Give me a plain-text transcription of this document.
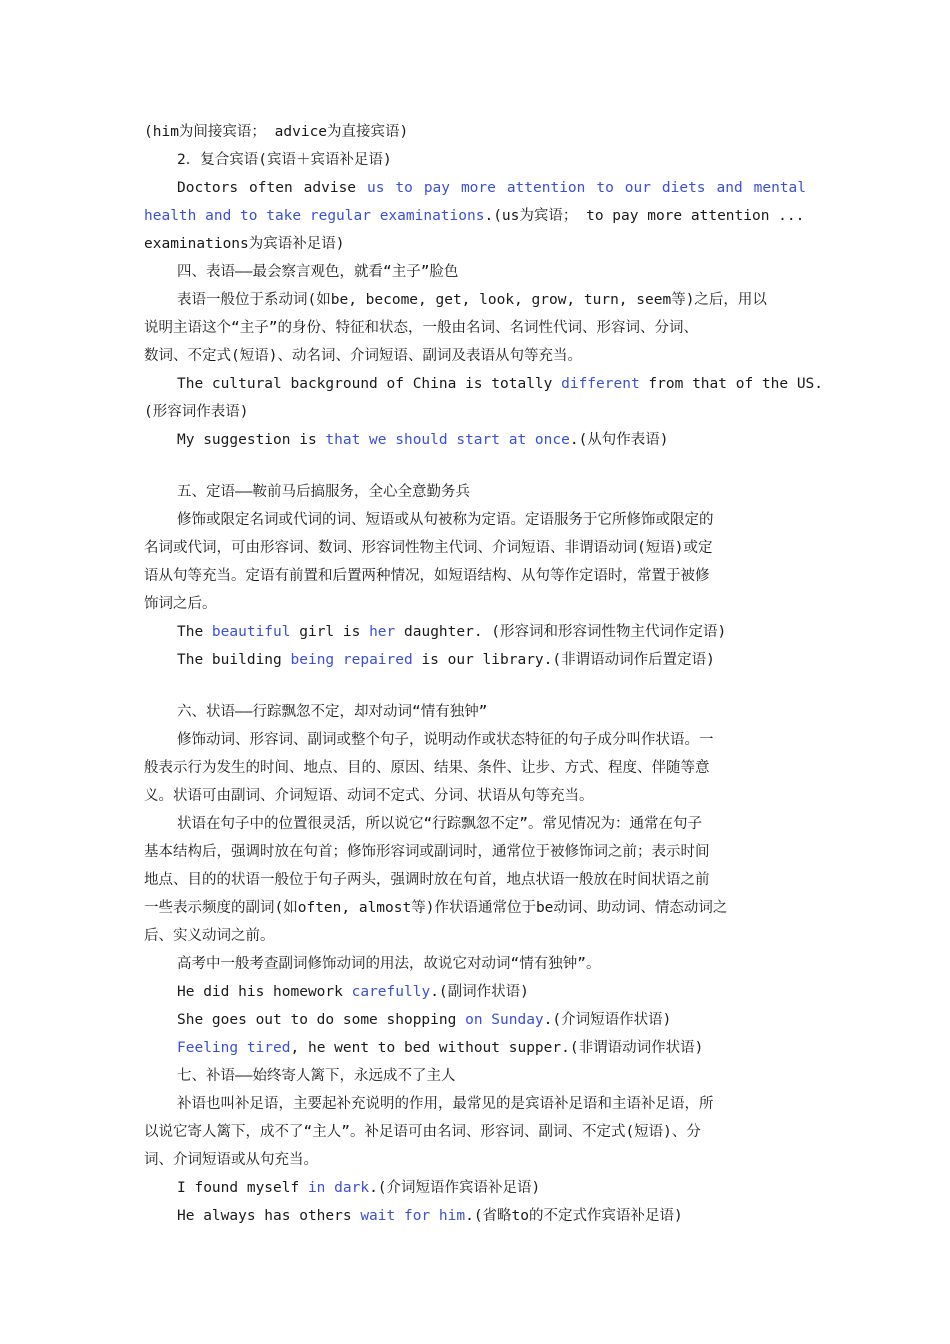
(him为间接宾语； advice为直接宾语)
2．复合宾语(宾语＋宾语补足语)
Doctors often advise us to pay more attention to our diets and mental
health and to take regular examinations.(us为宾语； to pay more attention ...
examinations为宾语补足语)
四、表语——最会察言观色，就看“主子”脸色
表语一般位于系动词(如be, become, get, look, grow, turn, seem等)之后，用以
说明主语这个“主子”的身份、特征和状态，一般由名词、名词性代词、形容词、分词、
数词、不定式(短语)、动名词、介词短语、副词及表语从句等充当。
The cultural background of China is totally different from that of the US.
(形容词作表语)
My suggestion is that we should start at once.(从句作表语)
五、定语——鞍前马后搞服务，全心全意勤务兵
修饰或限定名词或代词的词、短语或从句被称为定语。定语服务于它所修饰或限定的
名词或代词，可由形容词、数词、形容词性物主代词、介词短语、非谓语动词(短语)或定
语从句等充当。定语有前置和后置两种情况，如短语结构、从句等作定语时，常置于被修
饰词之后。
The beautiful girl is her daughter. (形容词和形容词性物主代词作定语)
The building being repaired is our library.(非谓语动词作后置定语)
六、状语——行踪飘忽不定，却对动词“情有独钟”
修饰动词、形容词、副词或整个句子，说明动作或状态特征的句子成分叫作状语。一
般表示行为发生的时间、地点、目的、原因、结果、条件、让步、方式、程度、伴随等意
义。状语可由副词、介词短语、动词不定式、分词、状语从句等充当。
状语在句子中的位置很灵活，所以说它“行踪飘忽不定”。常见情况为：通常在句子
基本结构后，强调时放在句首；修饰形容词或副词时，通常位于被修饰词之前；表示时间
地点、目的的状语一般位于句子两头，强调时放在句首，地点状语一般放在时间状语之前
一些表示频度的副词(如often, almost等)作状语通常位于be动词、助动词、情态动词之
后、实义动词之前。
高考中一般考查副词修饰动词的用法，故说它对动词“情有独钟”。
He did his homework carefully.(副词作状语)
She goes out to do some shopping on Sunday.(介词短语作状语)
Feeling tired, he went to bed without supper.(非谓语动词作状语)
七、补语——始终寄人篱下，永远成不了主人
补语也叫补足语，主要起补充说明的作用，最常见的是宾语补足语和主语补足语，所
以说它寄人篱下，成不了“主人”。补足语可由名词、形容词、副词、不定式(短语)、分
词、介词短语或从句充当。
I found myself in dark.(介词短语作宾语补足语)
He always has others wait for him.(省略to的不定式作宾语补足语)
